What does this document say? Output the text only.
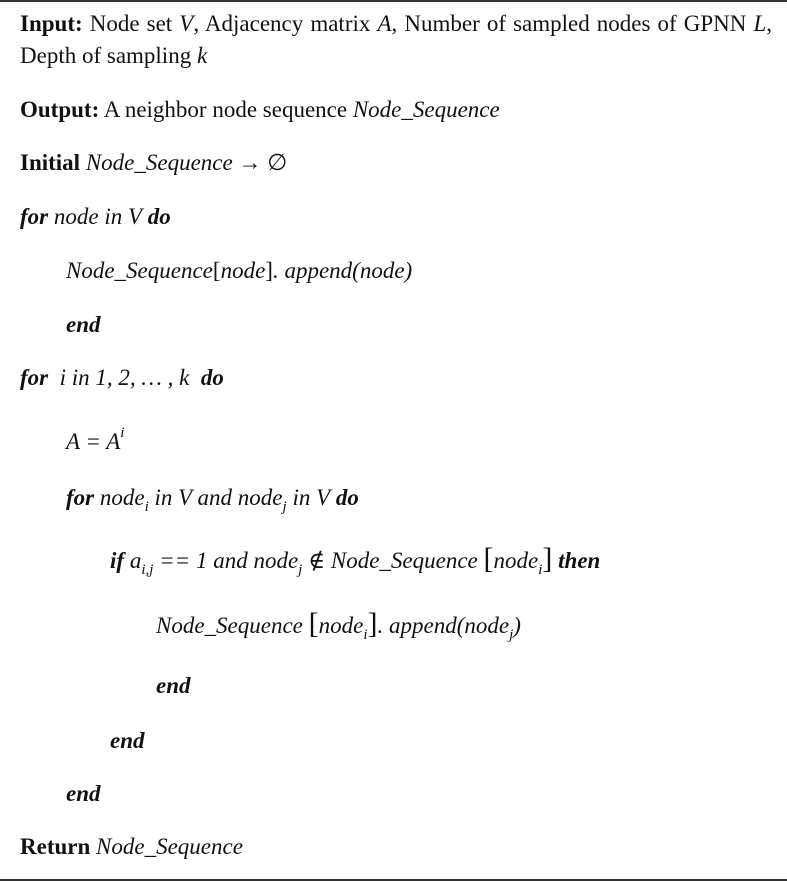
Input: Node set V, Adjacency matrix A, Number of sampled nodes of GPNN L, Depth of sampling k
Output: A neighbor node sequence Node_Sequence
Initial Node_Sequence → ∅
for node in V do
Node_Sequence[node]. append(node)
end
for i in 1, 2, … , k do
$A = A^i$
for node$_i$ in V and node$_j$ in V do
if $a_{i,j} == 1$ and node$_j$ ∉ Node_Sequence [node$_i$] then
Node_Sequence [node$_i$]. append(node$_j$)
end
end
end
Return Node_Sequence
